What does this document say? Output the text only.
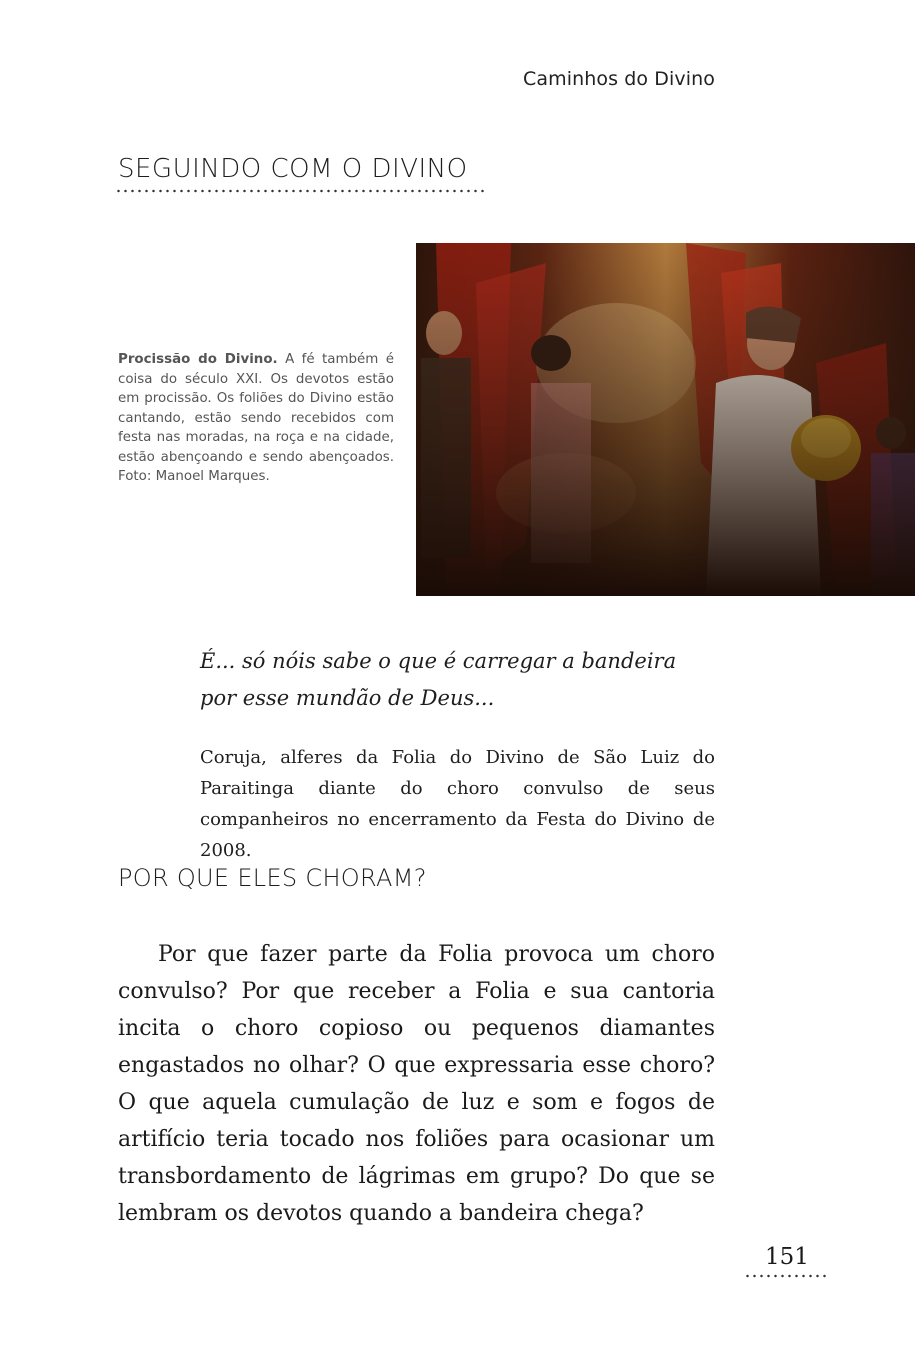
Caminhos do Divino
SEGUINDO COM O DIVINO
Procissão do Divino. A fé também é coisa do século XXI. Os devotos estão em procissão. Os foliões do Divino estão cantando, estão sendo recebidos com festa nas moradas, na roça e na cidade, estão abençoando e sendo abençoados. Foto: Manoel Marques.
É... só nóis sabe o que é carregar a bandeira
por esse mundão de Deus...
Coruja, alferes da Folia do Divino de São Luiz do Paraitinga diante do choro convulso de seus companheiros no encerramento da Festa do Divino de 2008.
POR QUE ELES CHORAM?

Por que fazer parte da Folia provoca um choro convulso? Por que receber a Folia e sua cantoria incita o choro copioso ou pequenos diamantes engastados no olhar? O que expressaria esse choro? O que aquela cumulação de luz e som e fogos de artifício teria tocado nos foliões para ocasionar um transbordamento de lágrimas em grupo? Do que se lembram os devotos quando a bandeira chega?

151
